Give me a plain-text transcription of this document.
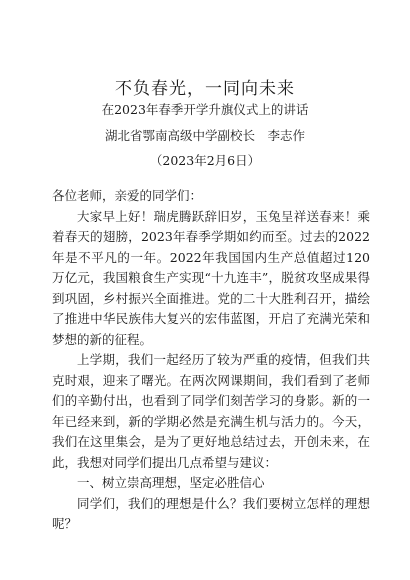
不负春光，一同向未来
在2023年春季开学升旗仪式上的讲话
湖北省鄂南高级中学副校长　李志作
（2023年2月6日）

各位老师，亲爱的同学们：

大家早上好！瑞虎腾跃辞旧岁，玉兔呈祥送春来！乘着春天的翅膀，2023年春季学期如约而至。过去的2022年是不平凡的一年。2022年我国国内生产总值超过120万亿元，我国粮食生产实现“十九连丰”，脱贫攻坚成果得到巩固，乡村振兴全面推进。党的二十大胜利召开，描绘了推进中华民族伟大复兴的宏伟蓝图，开启了充满光荣和梦想的新的征程。

上学期，我们一起经历了较为严重的疫情，但我们共克时艰，迎来了曙光。在两次网课期间，我们看到了老师们的辛勤付出，也看到了同学们刻苦学习的身影。新的一年已经来到，新的学期必然是充满生机与活力的。今天，我们在这里集会，是为了更好地总结过去，开创未来，在此，我想对同学们提出几点希望与建议：

一、树立崇高理想，坚定必胜信心

同学们，我们的理想是什么？我们要树立怎样的理想呢？
